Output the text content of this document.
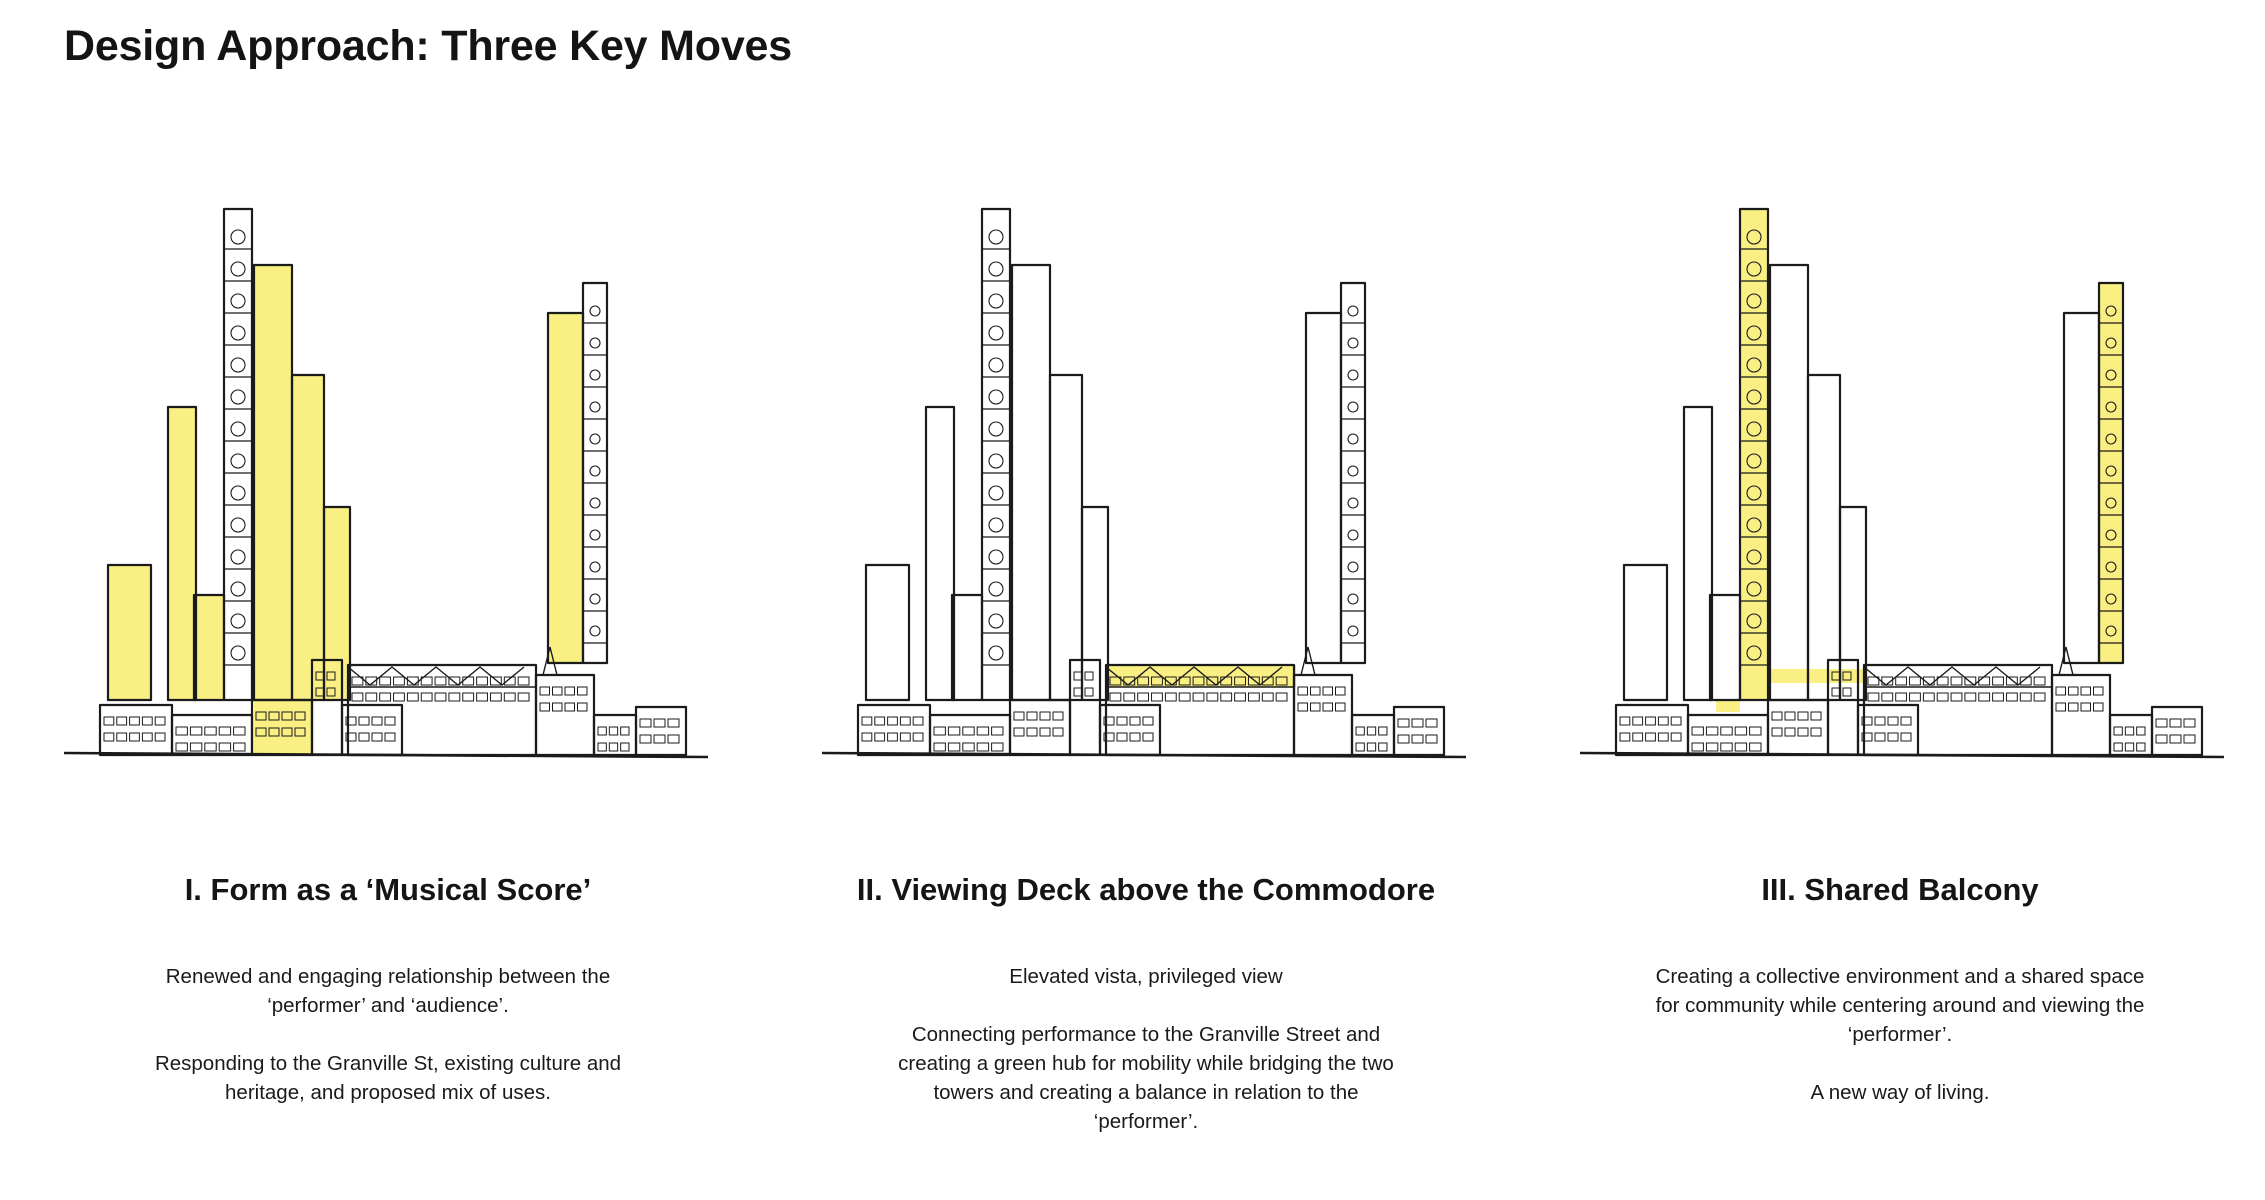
Design Approach: Three Key Moves
I. Form as a ‘Musical Score’

Renewed and engaging relationship between the ‘performer’ and ‘audience’.

Responding to the Granville St, existing culture and heritage, and proposed mix of uses.

II. Viewing Deck above the Commodore

Elevated vista, privileged view

Connecting performance to the Granville Street and creating a green hub for mobility while bridging the two towers and creating a balance in relation to the ‘performer’.

III. Shared Balcony

Creating a collective environment and a shared space for community while centering around and viewing the ‘performer’.

A new way of living.
